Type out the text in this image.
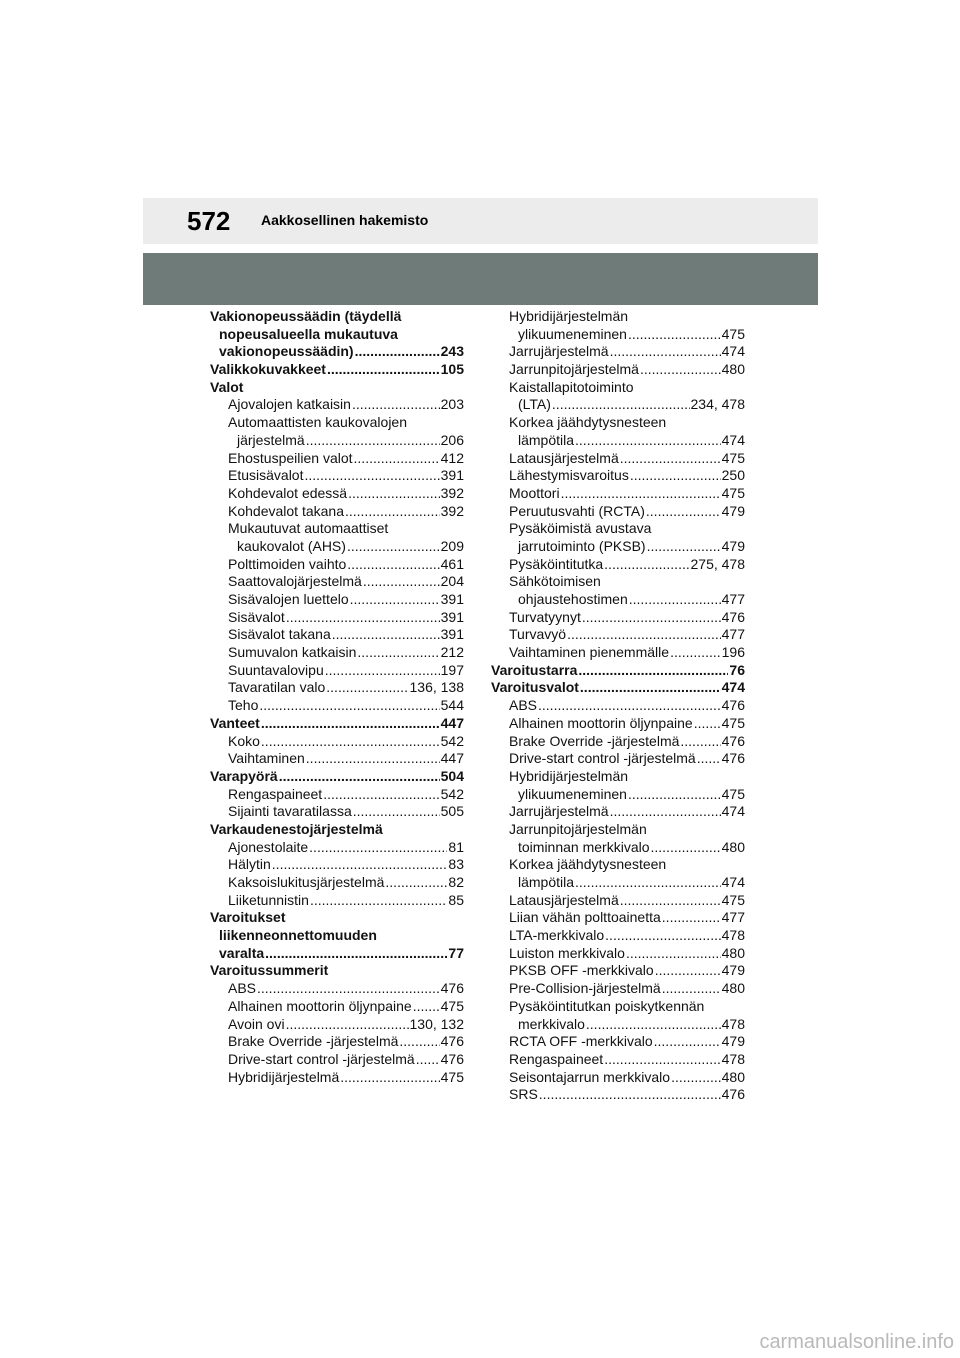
572 Aakkosellinen hakemisto
Vakionopeussäädin (täydellä
nopeusalueella mukautuva
vakionopeussäädin) .....	243
Valikkokuvakkeet .....	105
Valot
Ajovalojen katkaisin .....	203
Automaattisten kaukovalojen
järjestelmä .....	206
Ehostuspeilien valot .....	412
Etusisävalot .....	391
Kohdevalot edessä .....	392
Kohdevalot takana .....	392
Mukautuvat automaattiset
kaukovalot (AHS) .....	209
Polttimoiden vaihto .....	461
Saattovalojärjestelmä .....	204
Sisävalojen luettelo .....	391
Sisävalot .....	391
Sisävalot takana .....	391
Sumuvalon katkaisin .....	212
Suuntavalovipu .....	197
Tavaratilan valo .....	136, 138
Teho .....	544
Vanteet .....	447
Koko .....	542
Vaihtaminen .....	447
Varapyörä .....	504
Rengaspaineet .....	542
Sijainti tavaratilassa .....	505
Varkaudenestojärjestelmä
Ajonestolaite .....	81
Hälytin .....	83
Kaksoislukitusjärjestelmä .....	82
Liiketunnistin .....	85
Varoitukset
liikenneonnettomuuden
varalta .....	77
Varoitussummerit
ABS .....	476
Alhainen moottorin öljynpaine ..... 475
Avoin ovi .....	130, 132
Brake Override -järjestelmä .....	476
Drive-start control -järjestelmä ..... 476
Hybridijärjestelmä .....	475
Hybridijärjestelmän
ylikuumeneminen .....	475
Jarrujärjestelmä .....	474
Jarrunpitojärjestelmä .....	480
Kaistallapitotoiminto
(LTA) .....	234, 478
Korkea jäähdytysnesteen
lämpötila .....	474
Latausjärjestelmä .....	475
Lähestymisvaroitus .....	250
Moottori .....	475
Peruutusvahti (RCTA) .....	479
Pysäköimistä avustava
jarrutoiminto (PKSB) .....	479
Pysäköintitutka .....	275, 478
Sähkötoimisen
ohjaustehostimen .....	477
Turvatyynyt .....	476
Turvavyö .....	477
Vaihtaminen pienemmälle .....	196
Varoitustarra .....	76
Varoitusvalot .....	474
ABS .....	476
Alhainen moottorin öljynpaine ..... 475
Brake Override -järjestelmä .....	476
Drive-start control -järjestelmä ..... 476
Hybridijärjestelmän
ylikuumeneminen .....	475
Jarrujärjestelmä .....	474
Jarrunpitojärjestelmän
toiminnan merkkivalo .....	480
Korkea jäähdytysnesteen
lämpötila .....	474
Latausjärjestelmä .....	475
Liian vähän polttoainetta .....	477
LTA-merkkivalo .....	478
Luiston merkkivalo .....	480
PKSB OFF -merkkivalo .....	479
Pre-Collision-järjestelmä .....	480
Pysäköintitutkan poiskytkennän
merkkivalo .....	478
RCTA OFF -merkkivalo .....	479
Rengaspaineet .....	478
Seisontajarrun merkkivalo .....	480
SRS .....	476
carmanualsonline.info
